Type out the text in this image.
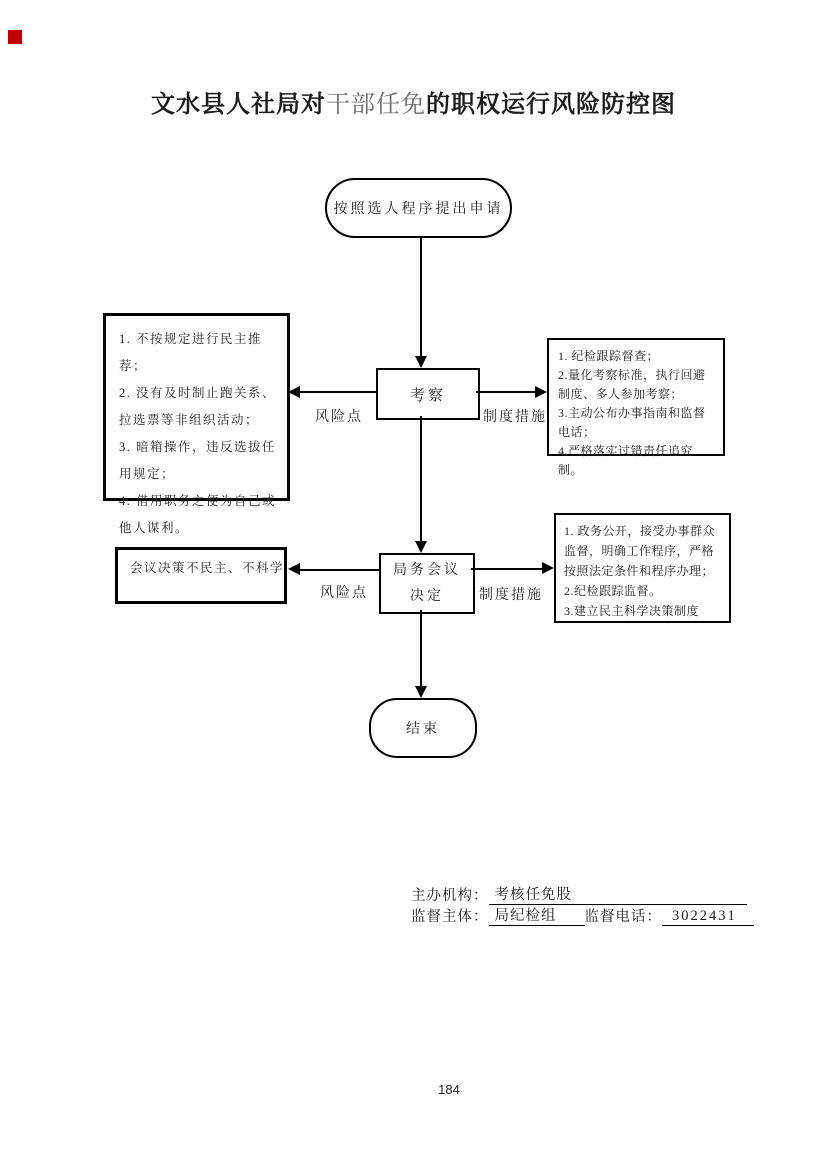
文水县人社局对干部任免的职权运行风险防控图
按照选人程序提出申请

1. 不按规定进行民主推荐；

2. 没有及时制止跑关系、拉选票等非组织活动；

3. 暗箱操作，违反选拔任用规定；

4. 借用职务之便为自己或他人谋利。

风险点
考察
制度措施

1. 纪检跟踪督查；

2.量化考察标准，执行回避制度、多人参加考察；

3.主动公布办事指南和监督电话；

4.严格落实过错责任追究制。

会议决策不民主、不科学

风险点
局务会议
决定	制度措施

1. 政务公开，接受办事群众监督，明确工作程序，严格按照法定条件和程序办理；

2.纪检跟踪监督。

3.建立民主科学决策制度

结束
主办机构： 考核任免股
监督主体： 局纪检组	监督电话： 3022431
184
